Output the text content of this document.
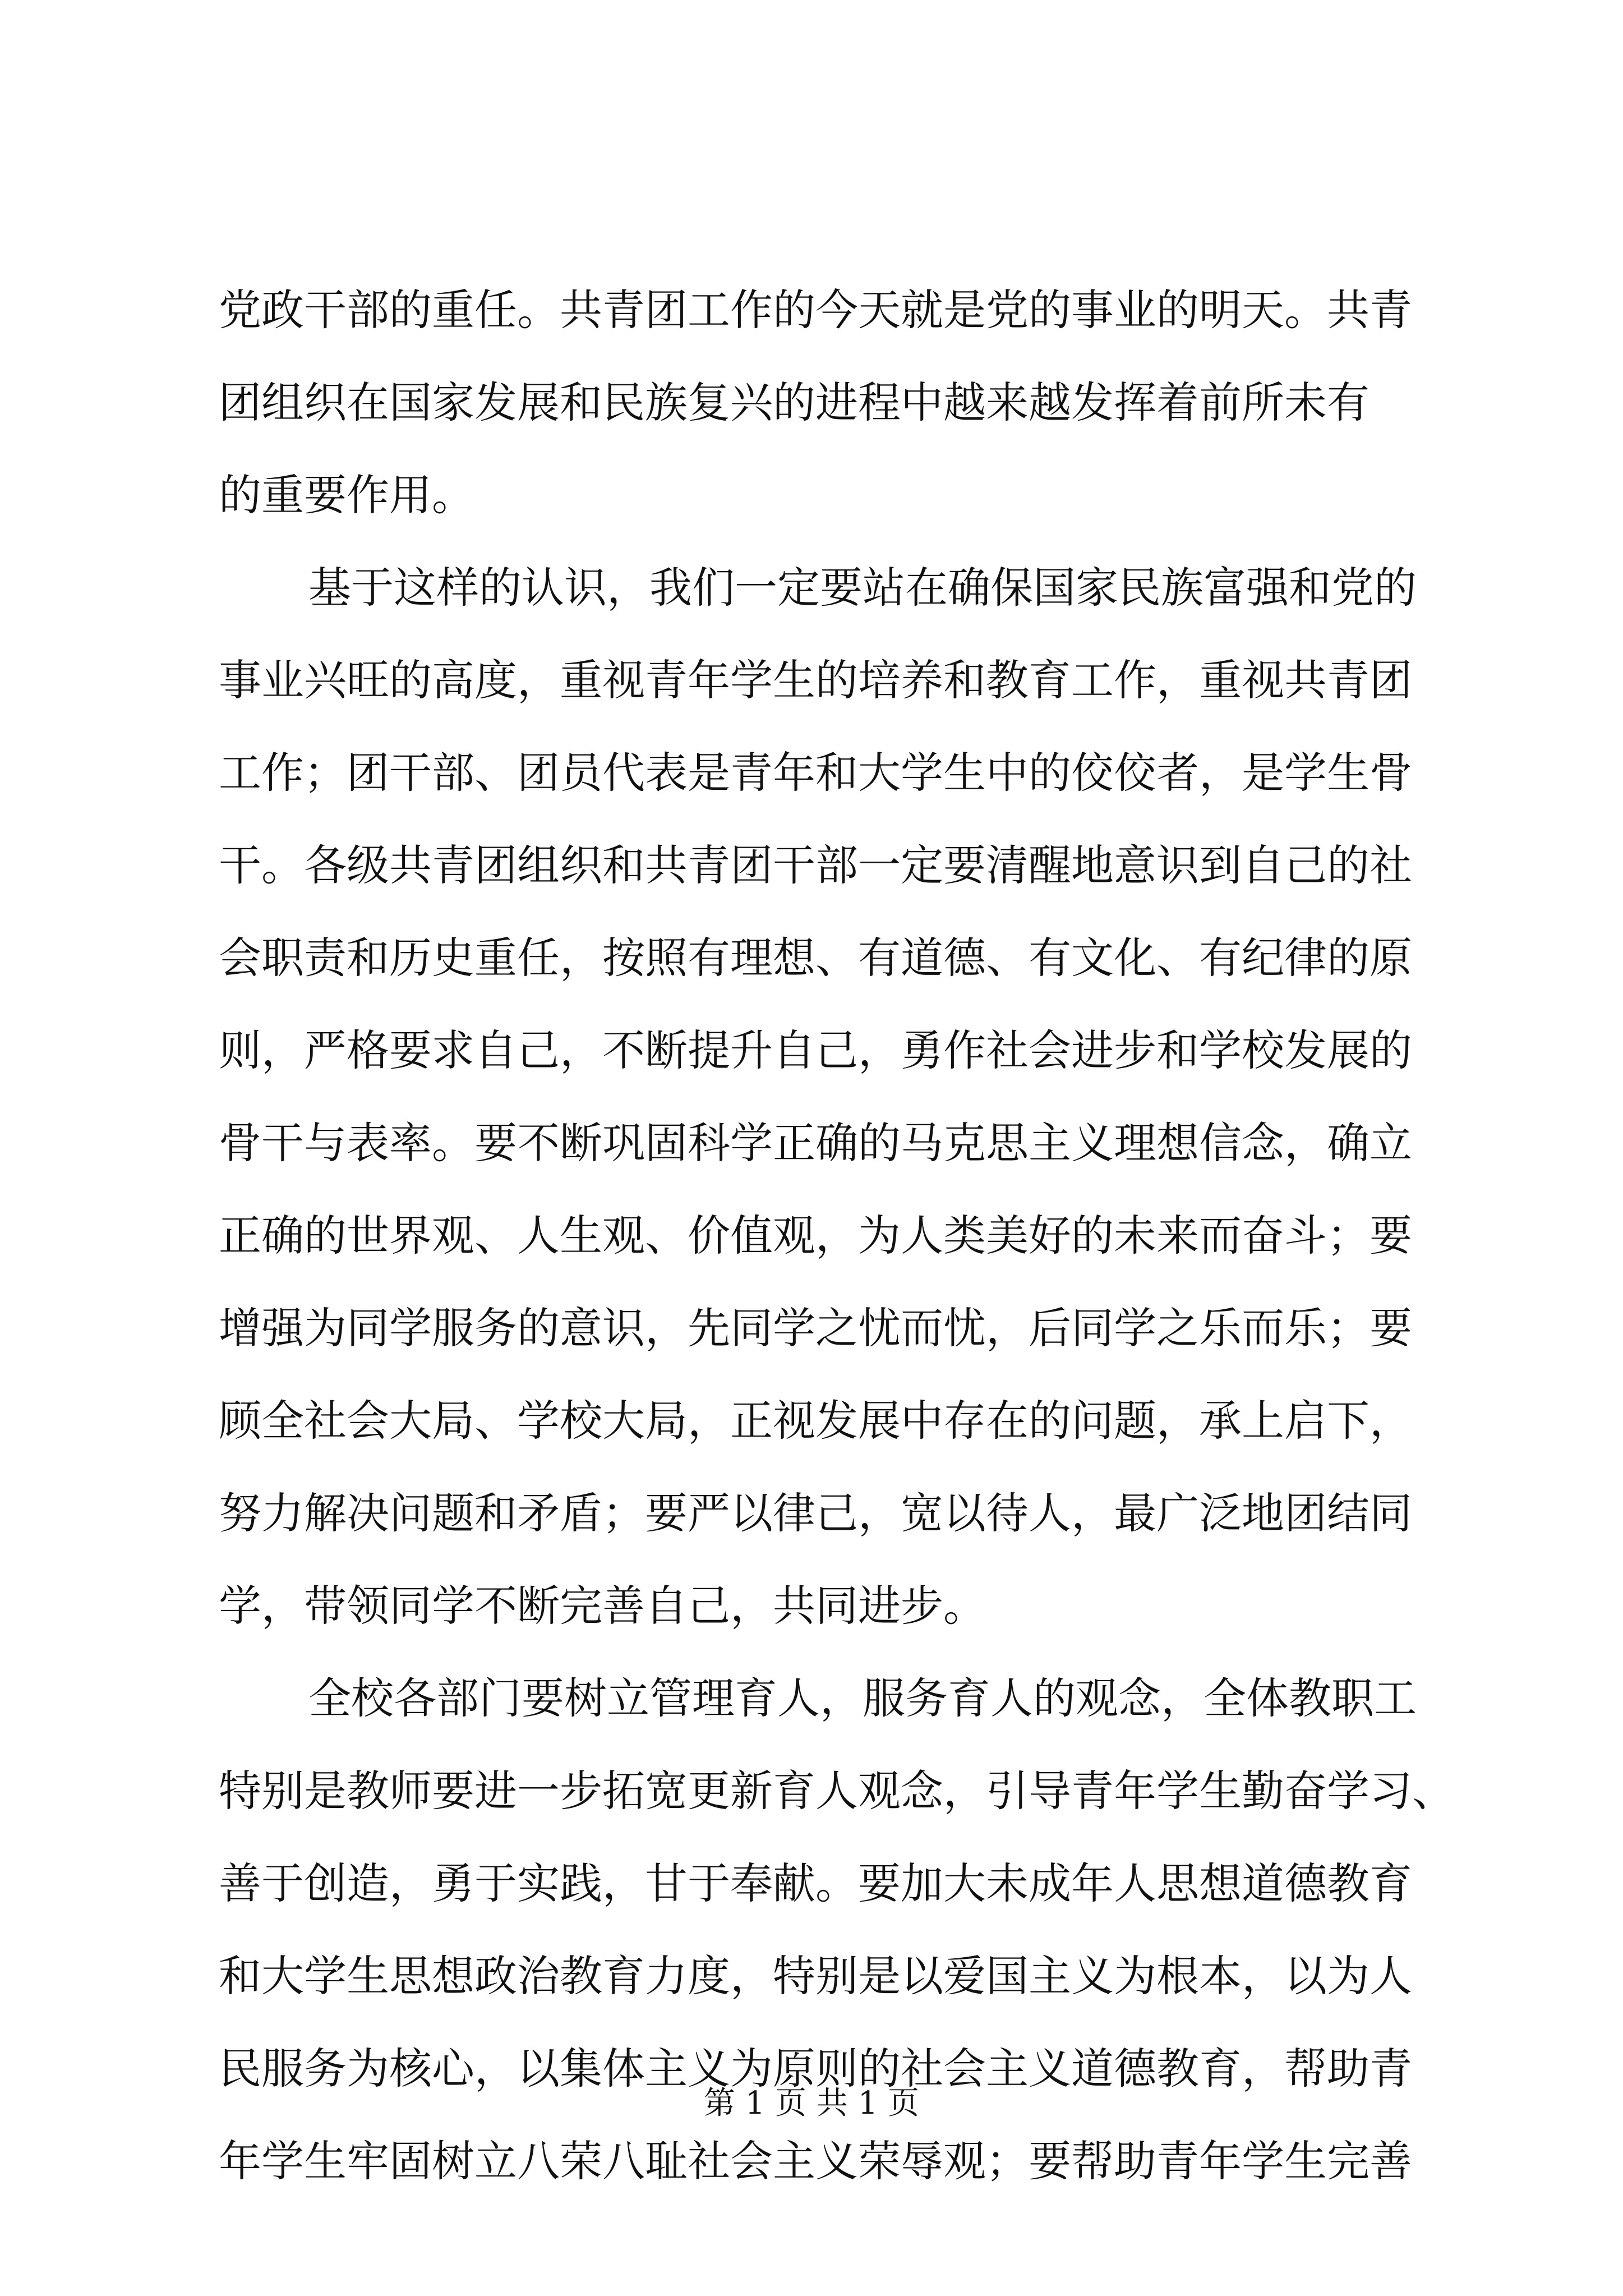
党政干部的重任。共青团工作的今天就是党的事业的明天。共青
团组织在国家发展和民族复兴的进程中越来越发挥着前所未有
的重要作用。
基于这样的认识，我们一定要站在确保国家民族富强和党的
事业兴旺的高度，重视青年学生的培养和教育工作，重视共青团
工作；团干部、团员代表是青年和大学生中的佼佼者，是学生骨
干。各级共青团组织和共青团干部一定要清醒地意识到自己的社
会职责和历史重任，按照有理想、有道德、有文化、有纪律的原
则，严格要求自己，不断提升自己，勇作社会进步和学校发展的
骨干与表率。要不断巩固科学正确的马克思主义理想信念，确立
正确的世界观、人生观、价值观，为人类美好的未来而奋斗；要
增强为同学服务的意识，先同学之忧而忧，后同学之乐而乐；要
顾全社会大局、学校大局，正视发展中存在的问题，承上启下，
努力解决问题和矛盾；要严以律己，宽以待人，最广泛地团结同
学，带领同学不断完善自己，共同进步。
全校各部门要树立管理育人，服务育人的观念，全体教职工
特别是教师要进一步拓宽更新育人观念，引导青年学生勤奋学习、
善于创造，勇于实践，甘于奉献。要加大未成年人思想道德教育
和大学生思想政治教育力度，特别是以爱国主义为根本，以为人
民服务为核心，以集体主义为原则的社会主义道德教育，帮助青
年学生牢固树立八荣八耻社会主义荣辱观；要帮助青年学生完善
第 1 页 共 1 页
